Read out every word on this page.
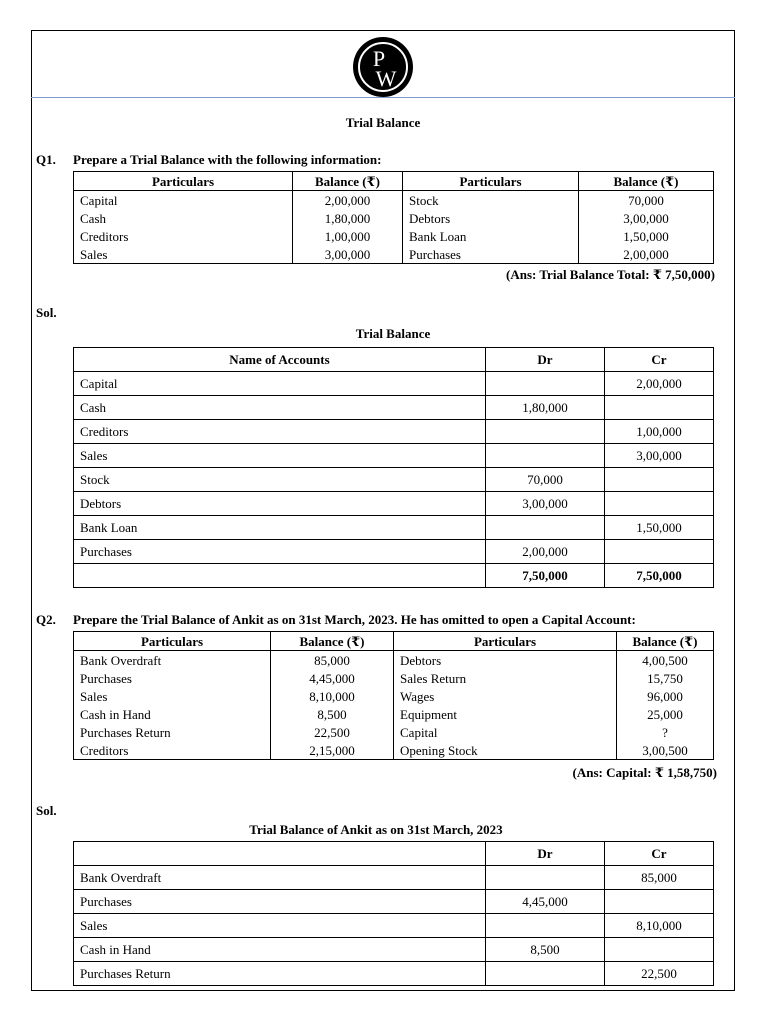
P
W
Trial Balance
Q1. Prepare a Trial Balance with the following information:
Particulars	Balance (₹)	Particulars	Balance (₹)
Capital	2,00,000	Stock	70,000
Cash	1,80,000	Debtors	3,00,000
Creditors	1,00,000	Bank Loan	1,50,000
Sales	3,00,000	Purchases	2,00,000
(Ans: Trial Balance Total: ₹ 7,50,000)
Sol.
Trial Balance
Name of Accounts	Dr	Cr
Capital		2,00,000
Cash	1,80,000	
Creditors		1,00,000
Sales		3,00,000
Stock	70,000	
Debtors	3,00,000	
Bank Loan		1,50,000
Purchases	2,00,000	
	7,50,000	7,50,000
Q2. Prepare the Trial Balance of Ankit as on 31st March, 2023. He has omitted to open a Capital Account:
Particulars	Balance (₹)	Particulars	Balance (₹)
Bank Overdraft	85,000	Debtors	4,00,500
Purchases	4,45,000	Sales Return	15,750
Sales	8,10,000	Wages	96,000
Cash in Hand	8,500	Equipment	25,000
Purchases Return	22,500	Capital	?
Creditors	2,15,000	Opening Stock	3,00,500
(Ans: Capital: ₹ 1,58,750)
Sol.
Trial Balance of Ankit as on 31st March, 2023
	Dr	Cr
Bank Overdraft		85,000
Purchases	4,45,000	
Sales		8,10,000
Cash in Hand	8,500	
Purchases Return		22,500
